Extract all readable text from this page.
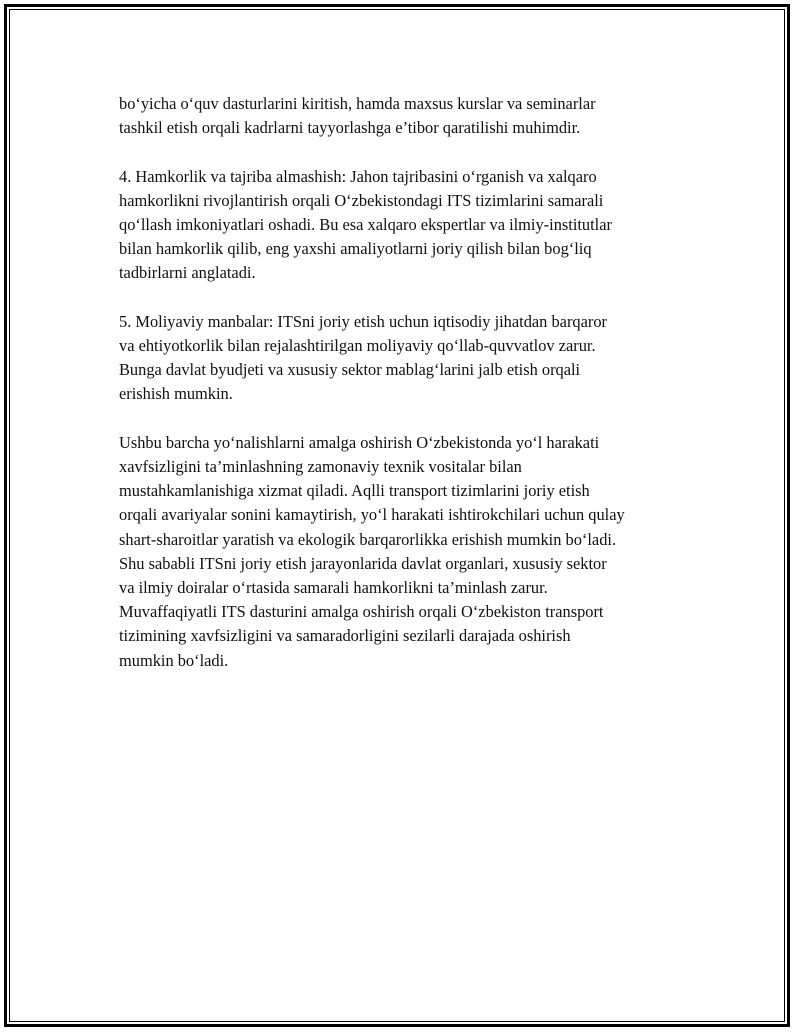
bo‘yicha o‘quv dasturlarini kiritish, hamda maxsus kurslar va seminarlar
tashkil etish orqali kadrlarni tayyorlashga e’tibor qaratilishi muhimdir.

4. Hamkorlik va tajriba almashish: Jahon tajribasini o‘rganish va xalqaro
hamkorlikni rivojlantirish orqali O‘zbekistondagi ITS tizimlarini samarali
qo‘llash imkoniyatlari oshadi. Bu esa xalqaro ekspertlar va ilmiy-institutlar
bilan hamkorlik qilib, eng yaxshi amaliyotlarni joriy qilish bilan bog‘liq
tadbirlarni anglatadi.

5. Moliyaviy manbalar: ITSni joriy etish uchun iqtisodiy jihatdan barqaror
va ehtiyotkorlik bilan rejalashtirilgan moliyaviy qo‘llab-quvvatlov zarur.
Bunga davlat byudjeti va xususiy sektor mablag‘larini jalb etish orqali
erishish mumkin.

Ushbu barcha yo‘nalishlarni amalga oshirish O‘zbekistonda yo‘l harakati
xavfsizligini ta’minlashning zamonaviy texnik vositalar bilan
mustahkamlanishiga xizmat qiladi. Aqlli transport tizimlarini joriy etish
orqali avariyalar sonini kamaytirish, yo‘l harakati ishtirokchilari uchun qulay
shart-sharoitlar yaratish va ekologik barqarorlikka erishish mumkin bo‘ladi.
Shu sababli ITSni joriy etish jarayonlarida davlat organlari, xususiy sektor
va ilmiy doiralar o‘rtasida samarali hamkorlikni ta’minlash zarur.
Muvaffaqiyatli ITS dasturini amalga oshirish orqali O‘zbekiston transport
tizimining xavfsizligini va samaradorligini sezilarli darajada oshirish
mumkin bo‘ladi.
